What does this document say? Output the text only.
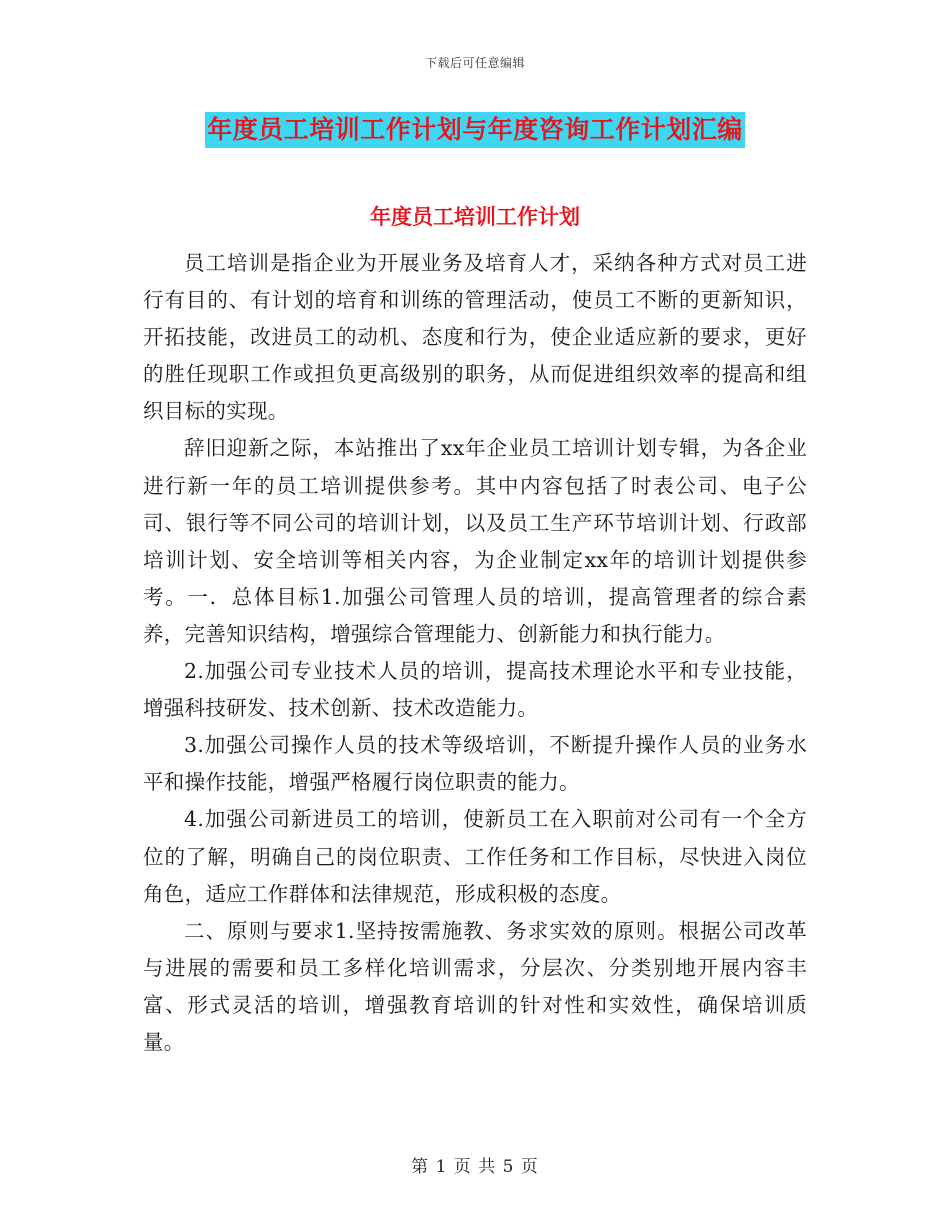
下载后可任意编辑
年度员工培训工作计划与年度咨询工作计划汇编
年度员工培训工作计划

员工培训是指企业为开展业务及培育人才，采纳各种方式对员工进行有目的、有计划的培育和训练的管理活动，使员工不断的更新知识，开拓技能，改进员工的动机、态度和行为，使企业适应新的要求，更好的胜任现职工作或担负更高级别的职务，从而促进组织效率的提高和组织目标的实现。

辞旧迎新之际，本站推出了xx年企业员工培训计划专辑，为各企业进行新一年的员工培训提供参考。其中内容包括了时表公司、电子公司、银行等不同公司的培训计划，以及员工生产环节培训计划、行政部培训计划、安全培训等相关内容，为企业制定xx年的培训计划提供参考。一．总体目标1.加强公司管理人员的培训，提高管理者的综合素养，完善知识结构，增强综合管理能力、创新能力和执行能力。

2.加强公司专业技术人员的培训，提高技术理论水平和专业技能，增强科技研发、技术创新、技术改造能力。

3.加强公司操作人员的技术等级培训，不断提升操作人员的业务水平和操作技能，增强严格履行岗位职责的能力。

4.加强公司新进员工的培训，使新员工在入职前对公司有一个全方位的了解，明确自己的岗位职责、工作任务和工作目标，尽快进入岗位角色，适应工作群体和法律规范，形成积极的态度。

二、原则与要求1.坚持按需施教、务求实效的原则。根据公司改革与进展的需要和员工多样化培训需求，分层次、分类别地开展内容丰富、形式灵活的培训，增强教育培训的针对性和实效性，确保培训质量。

第 1 页 共 5 页
